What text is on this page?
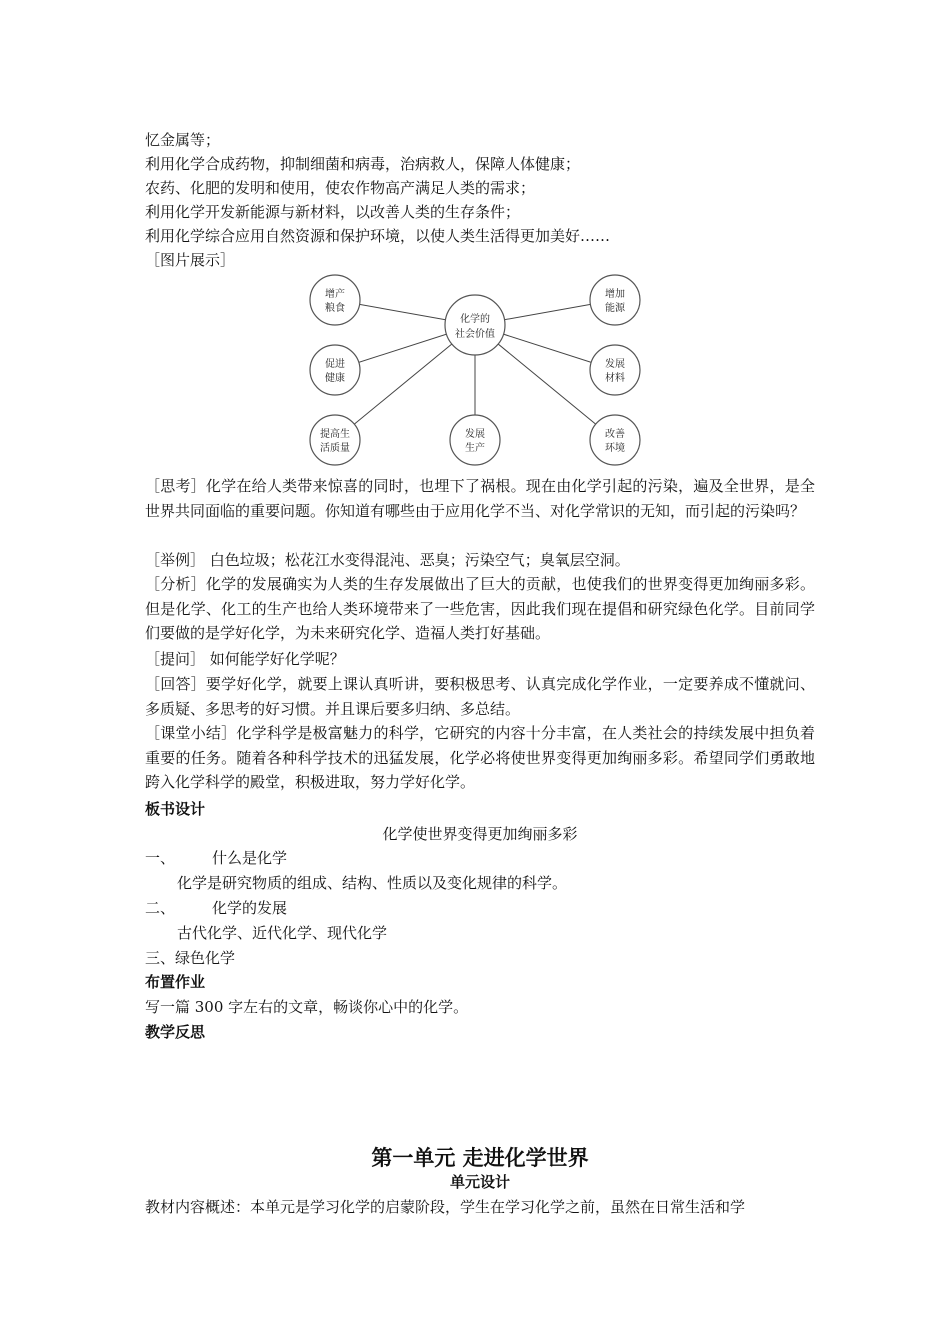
忆金属等；
利用化学合成药物，抑制细菌和病毒，治病救人，保障人体健康；
农药、化肥的发明和使用，使农作物高产满足人类的需求；
利用化学开发新能源与新材料，以改善人类的生存条件；
利用化学综合应用自然资源和保护环境，以使人类生活得更加美好……
［图片展示］
化学的
社会价值
增产
粮食
促进
健康
提高生
活质量
发展
生产
改善
环境
发展
材料
增加
能源
［思考］化学在给人类带来惊喜的同时，也埋下了祸根。现在由化学引起的污染，遍及全世界，是全世界共同面临的重要问题。你知道有哪些由于应用化学不当、对化学常识的无知，而引起的污染吗？
［举例］ 白色垃圾；松花江水变得混沌、恶臭；污染空气；臭氧层空洞。
［分析］化学的发展确实为人类的生存发展做出了巨大的贡献，也使我们的世界变得更加绚丽多彩。但是化学、化工的生产也给人类环境带来了一些危害，因此我们现在提倡和研究绿色化学。目前同学们要做的是学好化学，为未来研究化学、造福人类打好基础。
［提问］ 如何能学好化学呢？
［回答］要学好化学，就要上课认真听讲，要积极思考、认真完成化学作业，一定要养成不懂就问、多质疑、多思考的好习惯。并且课后要多归纳、多总结。
［课堂小结］化学科学是极富魅力的科学，它研究的内容十分丰富，在人类社会的持续发展中担负着重要的任务。随着各种科学技术的迅猛发展，化学必将使世界变得更加绚丽多彩。希望同学们勇敢地跨入化学科学的殿堂，积极进取，努力学好化学。
板书设计
化学使世界变得更加绚丽多彩
一、 什么是化学
化学是研究物质的组成、结构、性质以及变化规律的科学。
二、 化学的发展
古代化学、近代化学、现代化学
三、绿色化学
布置作业
写一篇 300 字左右的文章，畅谈你心中的化学。
教学反思
第一单元 走进化学世界
单元设计
教材内容概述：本单元是学习化学的启蒙阶段，学生在学习化学之前，虽然在日常生活和学
